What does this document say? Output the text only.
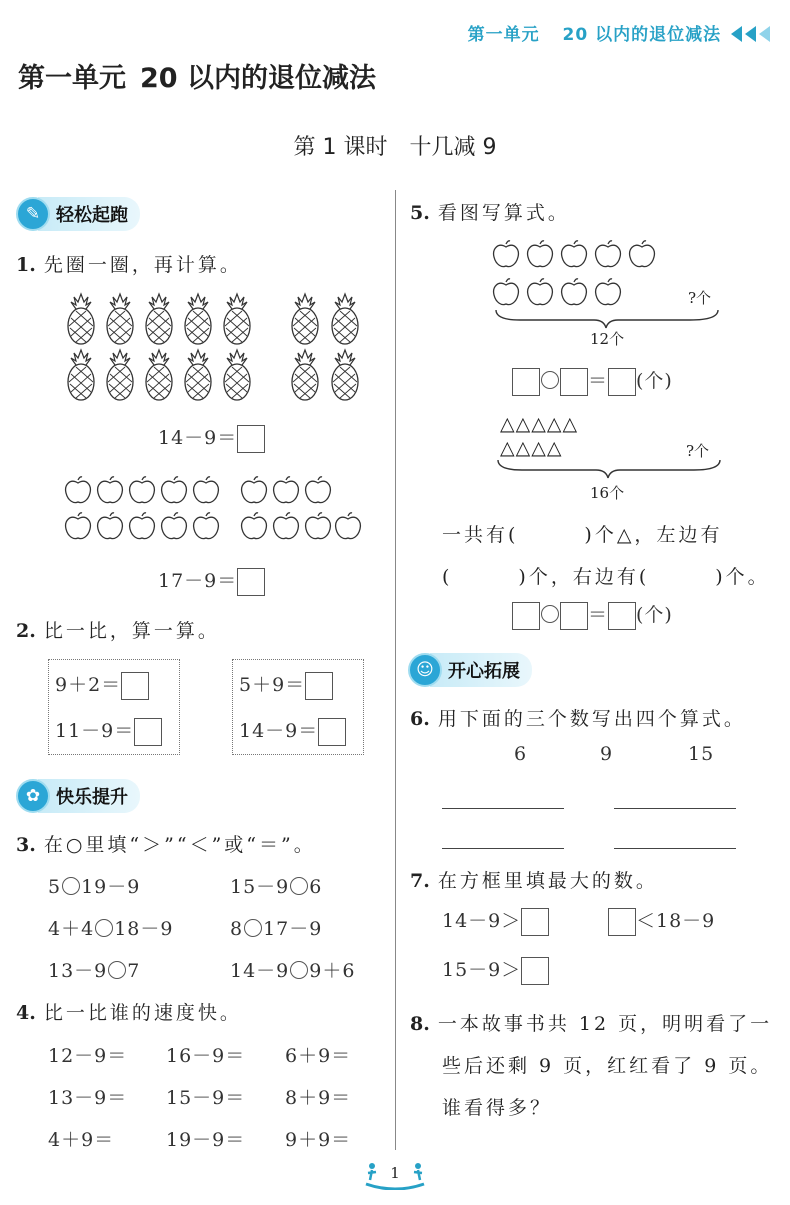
第一单元 20 以内的退位减法
第一单元 20 以内的退位减法
第 1 课时　十几减 9
✎ 轻松起跑
1. 先圈一圈，再计算。
14－9＝
17－9＝
2. 比一比，算一算。
9＋2＝
11－9＝
5＋9＝
14－9＝
✿ 快乐提升
3. 在○里填“＞”“＜”或“＝”。
5 19－9	15－9 6
4＋4 18－9	8 17－9
13－9 7	14－9 9＋6
4. 比一比谁的速度快。
12－9＝ 16－9＝ 6＋9＝
13－9＝ 15－9＝ 8＋9＝
4＋9＝	19－9＝ 9＋9＝
5. 看图写算式。
?个
12个
＝ (个)
△△△△△
△△△△	?个
16个
一共有(　　　)个△，左边有
(　　　)个，右边有(　　　)个。
＝ (个)
☺ 开心拓展
6. 用下面的三个数写出四个算式。
6	9	15
7. 在方框里填最大的数。
14－9＞	＜18－9
15－9＞
8. 一本故事书共 12 页，明明看了一
些后还剩 9 页，红红看了 9 页。
谁看得多？
1
